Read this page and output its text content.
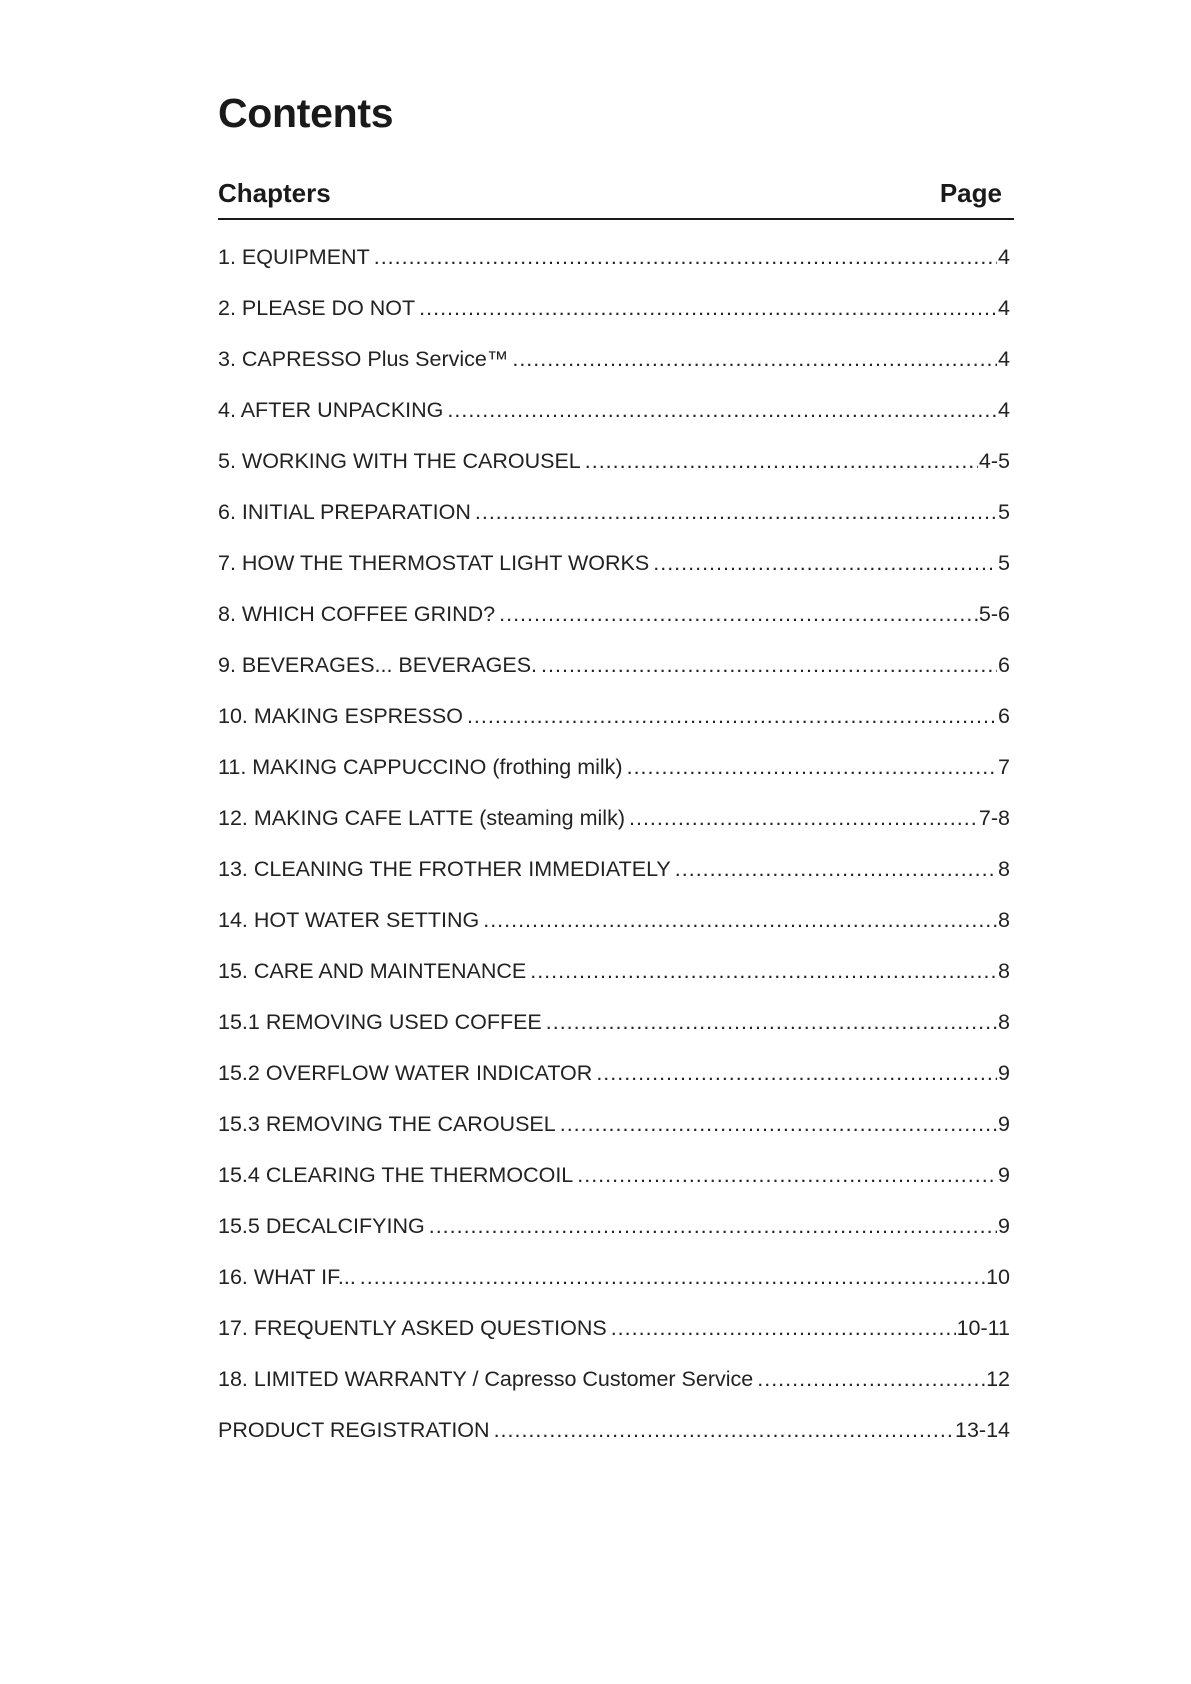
Contents
Chapters	Page
1. EQUIPMENT .....	4
2. PLEASE DO NOT .....	4
3. CAPRESSO Plus Service™ .....	4
4. AFTER UNPACKING .....	4
5. WORKING WITH THE CAROUSEL .....	4-5
6. INITIAL PREPARATION .....	5
7. HOW THE THERMOSTAT LIGHT WORKS .....	5
8. WHICH COFFEE GRIND? .....	5-6
9. BEVERAGES... BEVERAGES. .....	6
10. MAKING ESPRESSO .....	6
11. MAKING CAPPUCCINO (frothing milk) .....	7
12. MAKING CAFE LATTE (steaming milk) .....	7-8
13. CLEANING THE FROTHER IMMEDIATELY .....	8
14. HOT WATER SETTING .....	8
15. CARE AND MAINTENANCE .....	8
15.1 REMOVING USED COFFEE .....	8
15.2 OVERFLOW WATER INDICATOR .....	9
15.3 REMOVING THE CAROUSEL .....	9
15.4 CLEARING THE THERMOCOIL .....	9
15.5 DECALCIFYING .....	9
16. WHAT IF... .....	10
17. FREQUENTLY ASKED QUESTIONS .....	10-11
18. LIMITED WARRANTY / Capresso Customer Service .....	12
PRODUCT REGISTRATION .....	13-14
